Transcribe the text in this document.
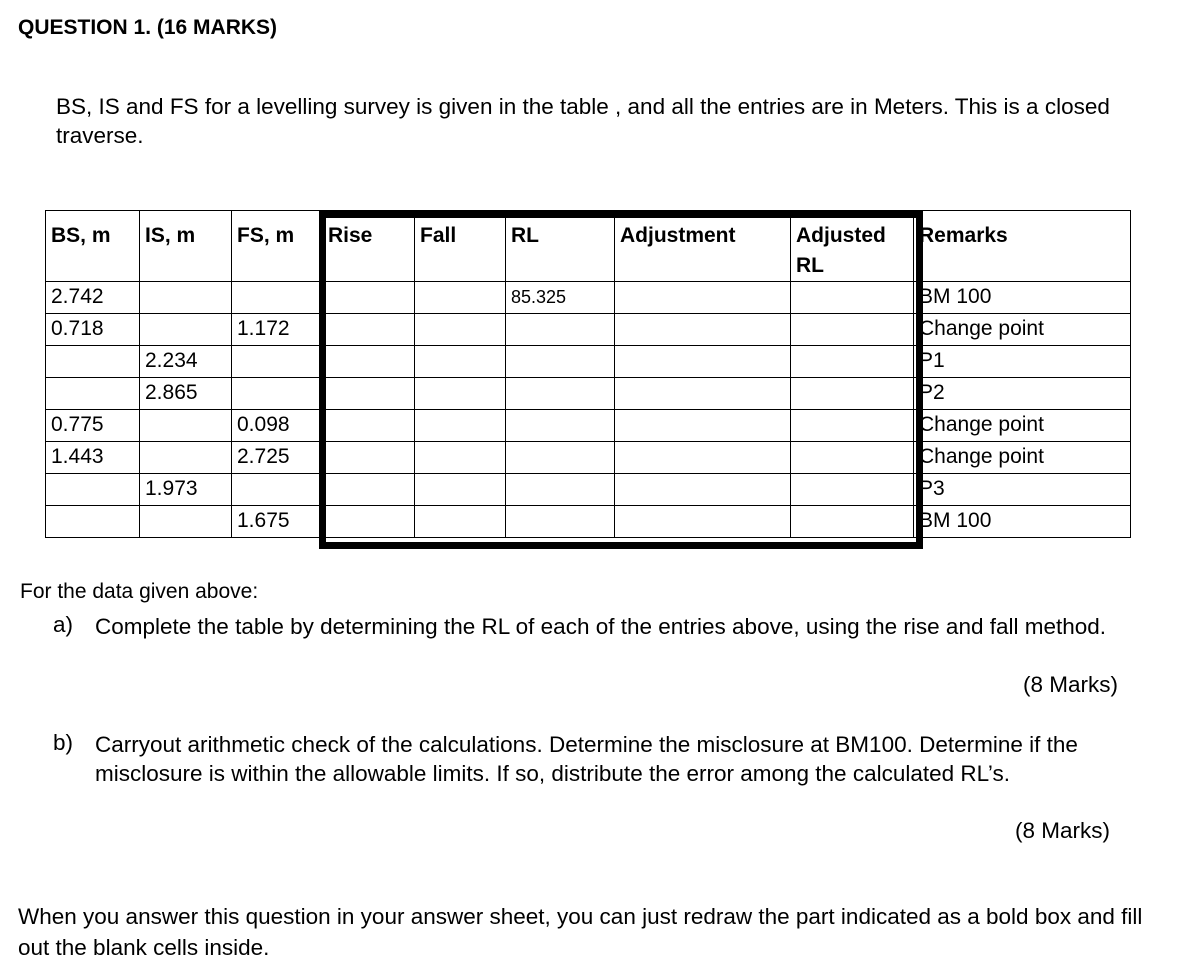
QUESTION 1. (16 MARKS)
BS, IS and FS for a levelling survey is given in the table , and all the entries are in Meters. This is a closed traverse.
BS, m	IS, m	FS, m	Rise	Fall	RL	Adjustment	Adjusted RL	Remarks
2.742					85.325			BM 100
0.718		1.172						Change point
	2.234							P1
	2.865							P2
0.775		0.098						Change point
1.443		2.725						Change point
	1.973							P3
		1.675						BM 100
For the data given above:
a) Complete the table by determining the RL of each of the entries above, using the rise and fall method.
(8 Marks)
b) Carryout arithmetic check of the calculations. Determine the misclosure at BM100. Determine if the misclosure is within the allowable limits. If so, distribute the error among the calculated RL’s.
(8 Marks)
When you answer this question in your answer sheet, you can just redraw the part indicated as a bold box and fill out the blank cells inside.
